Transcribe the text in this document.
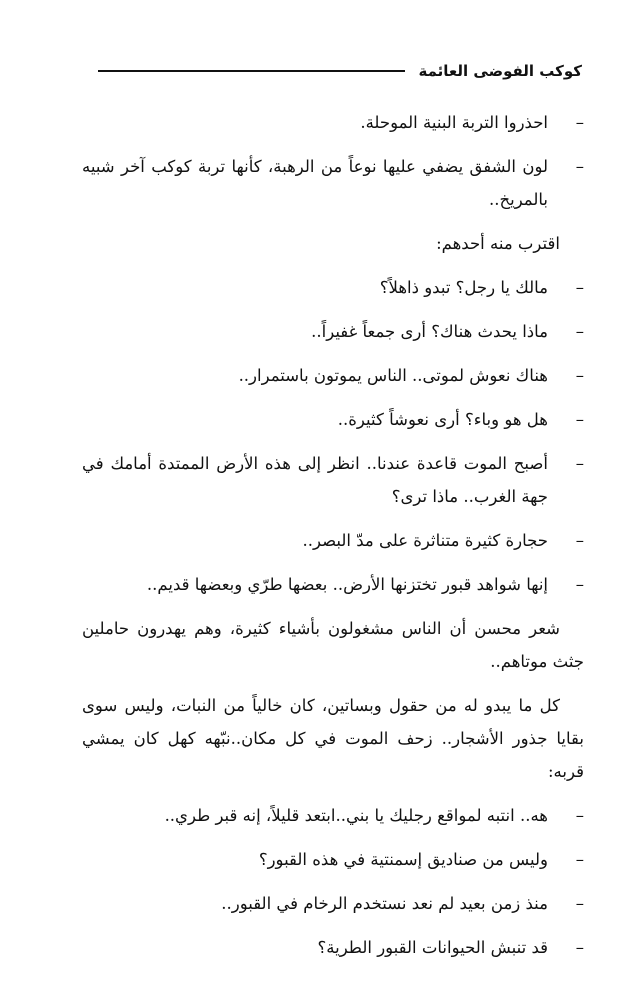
كوكب الفوضى العائمة

–
احذروا التربة البنية الموحلة.

–
لون الشفق يضفي عليها نوعاً من الرهبة، كأنها تربة كوكب آخر شبيه بالمريخ..

اقترب منه أحدهم:

–
مالك يا رجل؟ تبدو ذاهلاً؟

–
ماذا يحدث هناك؟ أرى جمعاً غفيراً..

–
هناك نعوش لموتى.. الناس يموتون باستمرار..

–
هل هو وباء؟ أرى نعوشاً كثيرة..

–
أصبح الموت قاعدة عندنا.. انظر إلى هذه الأرض الممتدة أمامك في جهة الغرب.. ماذا ترى؟

–
حجارة كثيرة متناثرة على مدّ البصر..

–
إنها شواهد قبور تختزنها الأرض.. بعضها طرّي وبعضها قديم..

شعر محسن أن الناس مشغولون بأشياء كثيرة، وهم يهدرون حاملين جثث موتاهم..

كل ما يبدو له من حقول وبساتين، كان خالياً من النبات، وليس سوى بقايا جذور الأشجار.. زحف الموت في كل مكان..نبّهه كهل كان يمشي قربه:

–
هه.. انتبه لمواقع رجليك يا بني..ابتعد قليلاً، إنه قبر طري..

–
وليس من صناديق إسمنتية في هذه القبور؟

–
منذ زمن بعيد لم نعد نستخدم الرخام في القبور..

–
قد تنبش الحيوانات القبور الطرية؟
